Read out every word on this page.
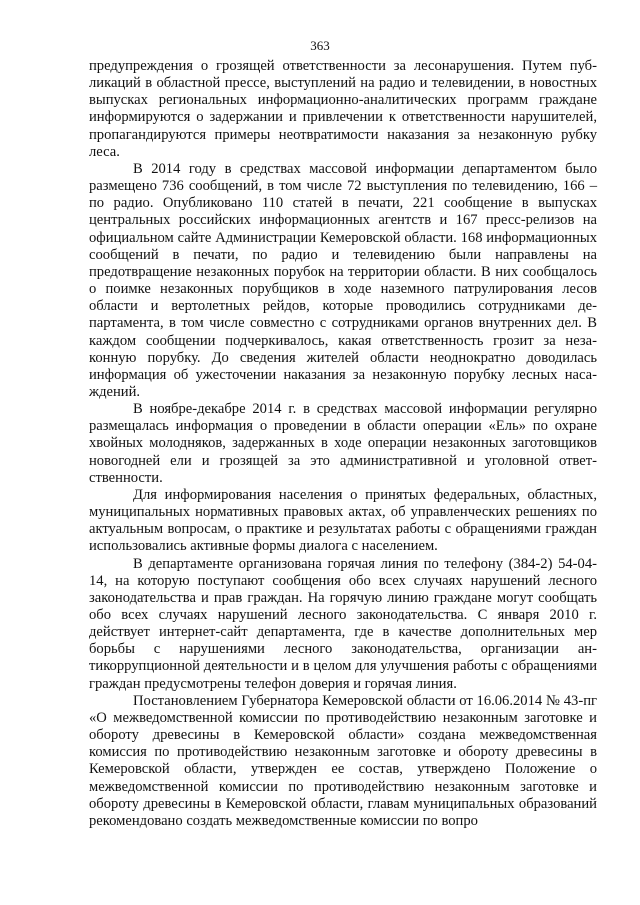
363

предупреждения о грозящей ответственности за лесонарушения. Путем публикаций в областной прессе, выступлений на радио и телевидении, в новостных выпусках региональных информационно-аналитических программ граждане информируются о задержании и привлечении к ответственности нарушителей, пропагандируются примеры неотвратимости наказания за незаконную рубку леса.

В 2014 году в средствах массовой информации департаментом было размещено 736 сообщений, в том числе 72 выступления по телевидению, 166 – по радио. Опубликовано 110 статей в печати, 221 сообщение в выпусках центральных российских информационных агентств и 167 пресс-релизов на официальном сайте Администрации Кемеровской области. 168 информационных сообщений в печати, по радио и телевидению были направлены на предотвращение незаконных порубок на территории области. В них сообщалось о поимке незаконных порубщиков в ходе наземного патрулирования лесов области и вертолетных рейдов, которые проводились сотрудниками департамента, в том числе совместно с сотрудниками органов внутренних дел. В каждом сообщении подчеркивалось, какая ответственность грозит за незаконную порубку. До сведения жителей области неоднократно доводилась информация об ужесточении наказания за незаконную порубку лесных насаждений.

В ноябре-декабре 2014 г. в средствах массовой информации регулярно размещалась информация о проведении в области операции «Ель» по охране хвойных молодняков, задержанных в ходе операции незаконных заготовщиков новогодней ели и грозящей за это административной и уголовной ответственности.

Для информирования населения о принятых федеральных, областных, муниципальных нормативных правовых актах, об управленческих решениях по актуальным вопросам, о практике и результатах работы с обращениями граждан использовались активные формы диалога с населением.

В департаменте организована горячая линия по телефону (384-2) 54-04-14, на которую поступают сообщения обо всех случаях нарушений лесного законодательства и прав граждан. На горячую линию граждане могут сообщать обо всех случаях нарушений лесного законодательства. С января 2010 г. действует интернет-сайт департамента, где в качестве дополнительных мер борьбы с нарушениями лесного законодательства, организации антикоррупционной деятельности и в целом для улучшения работы с обращениями граждан предусмотрены телефон доверия и горячая линия.

Постановлением Губернатора Кемеровской области от 16.06.2014 № 43-пг «О межведомственной комиссии по противодействию незаконным заготовке и обороту древесины в Кемеровской области» создана межведомственная комиссия по противодействию незаконным заготовке и обороту древесины в Кемеровской области, утвержден ее состав, утверждено Положение о межведомственной комиссии по противодействию незаконным заготовке и обороту древесины в Кемеровской области, главам муниципальных образований рекомендовано создать межведомственные комиссии по вопро
